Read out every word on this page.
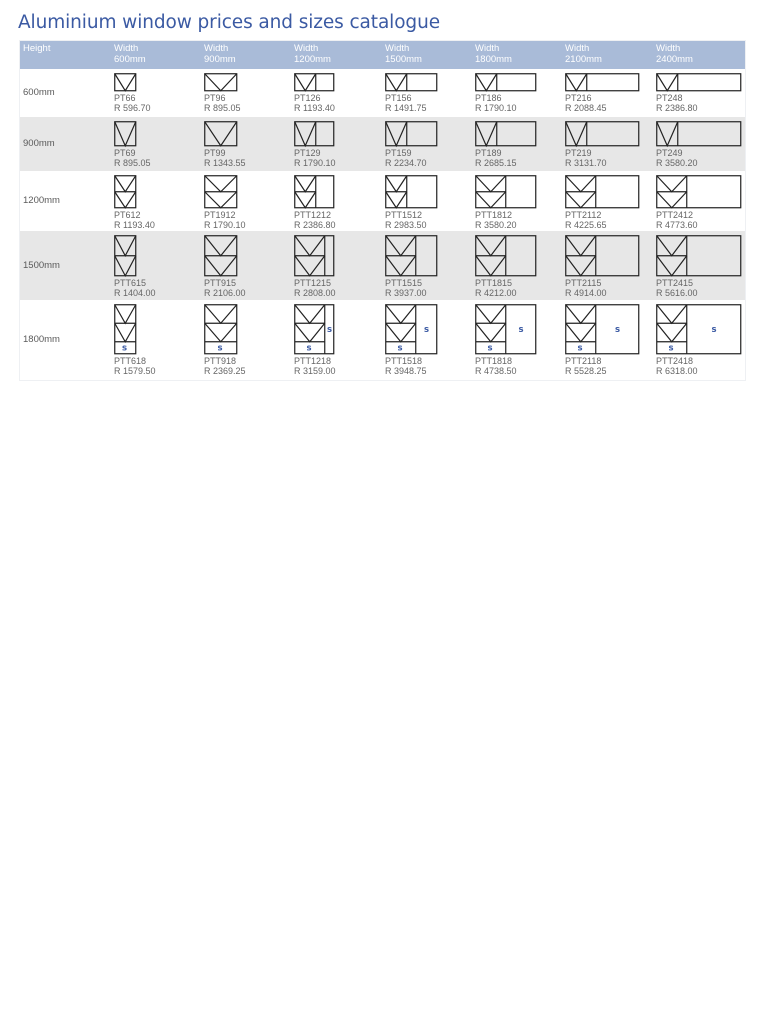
Aluminium window prices and sizes catalogue
Height	Width
600mm
Width
900mm
Width
1200mm
Width
1500mm
Width
1800mm
Width
2100mm
Width
2400mm
600mm	PT66
R 596.70
PT96
R 895.05
PT126
R 1193.40
PT156
R 1491.75
PT186
R 1790.10
PT216
R 2088.45
PT248
R 2386.80
900mm
PT69
R 895.05
PT99
R 1343.55
PT129
R 1790.10
PT159
R 2234.70
PT189
R 2685.15
PT219
R 3131.70
PT249
R 3580.20
1200mm
PT612
R 1193.40
PT1912
R 1790.10
PTT1212
R 2386.80
PTT1512
R 2983.50
PTT1812
R 3580.20
PTT2112
R 4225.65
PTT2412
R 4773.60
1500mm
PTT615
R 1404.00
PTT915
R 2106.00
PTT1215
R 2808.00
PTT1515
R 3937.00
PTT1815
R 4212.00
PTT2115
R 4914.00
PTT2415
R 5616.00
1800mm
s
PTT618
R 1579.50
s
PTT918
R 2369.25
s
s
PTT1218
R 3159.00
s
s
PTT1518
R 3948.75
s
s
PTT1818
R 4738.50
s
s
PTT2118
R 5528.25
s
s
PTT2418
R 6318.00
